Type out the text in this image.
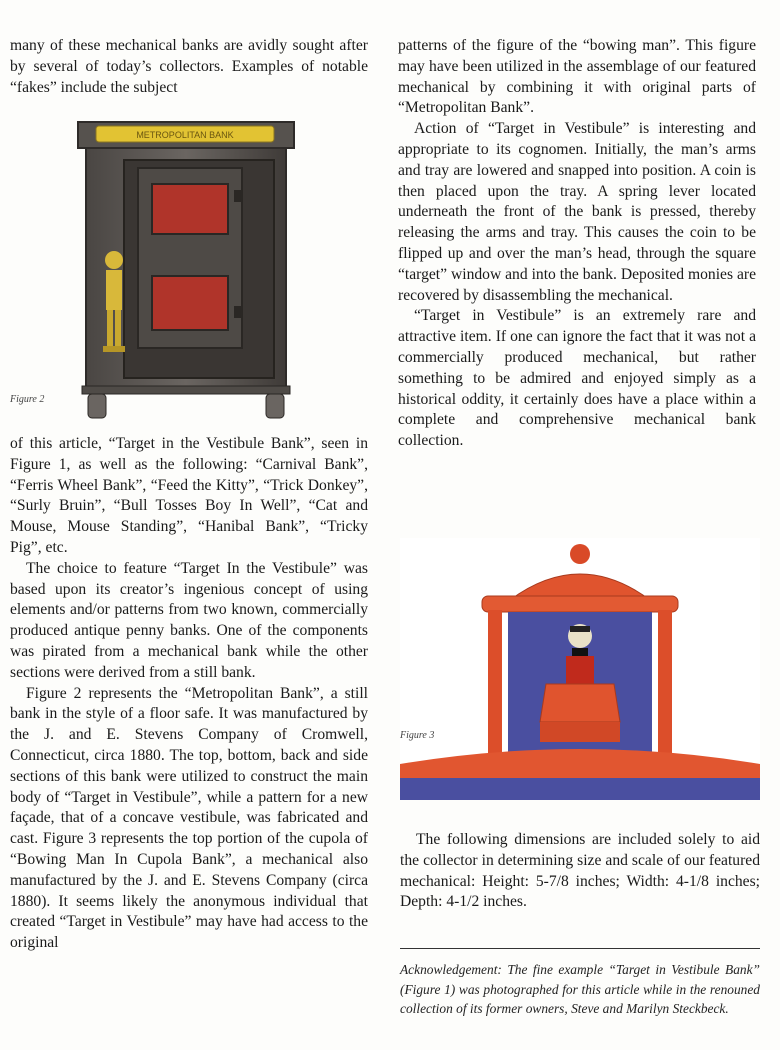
many of these mechanical banks are avidly sought after by several of today’s collectors. Examples of notable “fakes” include the subject

METROPOLITAN BANK
Figure 2

of this article, “Target in the Vestibule Bank”, seen in Figure 1, as well as the following: “Carnival Bank”, “Ferris Wheel Bank”, “Feed the Kitty”, “Trick Donkey”, “Surly Bruin”, “Bull Tosses Boy In Well”, “Cat and Mouse, Mouse Standing”, “Hanibal Bank”, “Tricky Pig”, etc.

The choice to feature “Target In the Vestibule” was based upon its creator’s ingenious concept of using elements and/or patterns from two known, commercially produced antique penny banks. One of the components was pirated from a mechanical bank while the other sections were derived from a still bank.

Figure 2 represents the “Metropolitan Bank”, a still bank in the style of a floor safe. It was manufactured by the J. and E. Stevens Company of Cromwell, Connecticut, circa 1880. The top, bottom, back and side sections of this bank were utilized to construct the main body of “Target in Vestibule”, while a pattern for a new façade, that of a concave vestibule, was fabricated and cast. Figure 3 represents the top portion of the cupola of “Bowing Man In Cupola Bank”, a mechanical also manufactured by the J. and E. Stevens Company (circa 1880). It seems likely the anonymous individual that created “Target in Vestibule” may have had access to the original

patterns of the figure of the “bowing man”. This figure may have been utilized in the assemblage of our featured mechanical by combining it with original parts of “Metropolitan Bank”.

Action of “Target in Vestibule” is interesting and appropriate to its cognomen. Initially, the man’s arms and tray are lowered and snapped into position. A coin is then placed upon the tray. A spring lever located underneath the front of the bank is pressed, thereby releasing the arms and tray. This causes the coin to be flipped up and over the man’s head, through the square “target” window and into the bank. Deposited monies are recovered by disassembling the mechanical.

“Target in Vestibule” is an extremely rare and attractive item. If one can ignore the fact that it was not a commercially produced mechanical, but rather something to be admired and enjoyed simply as a historical oddity, it certainly does have a place within a complete and comprehensive mechanical bank collection.

Figure 3

The following dimensions are included solely to aid the collector in determining size and scale of our featured mechanical: Height: 5-7/8 inches; Width: 4-1/8 inches; Depth: 4-1/2 inches.

Acknowledgement: The fine example “Target in Vestibule Bank” (Figure 1) was photographed for this article while in the renouned collection of its former owners, Steve and Marilyn Steckbeck.
